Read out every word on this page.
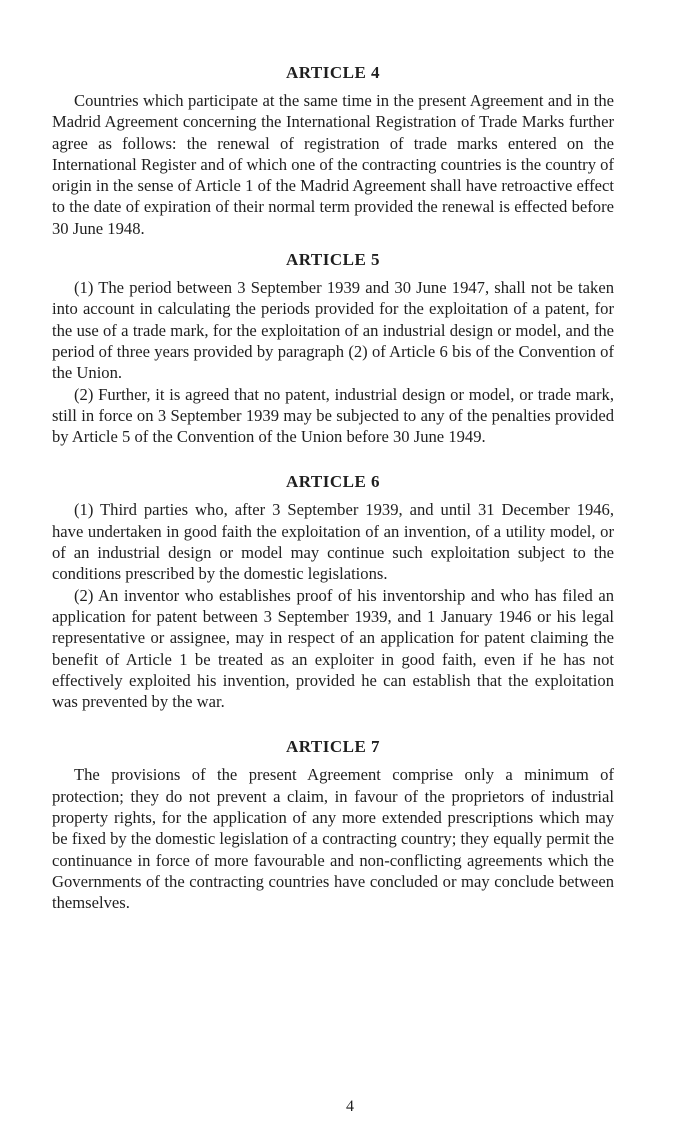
ARTICLE 4

Countries which participate at the same time in the present Agreement and in the Madrid Agreement concerning the International Registration of Trade Marks further agree as follows: the renewal of registration of trade marks entered on the International Register and of which one of the contracting countries is the country of origin in the sense of Article 1 of the Madrid Agreement shall have retroactive effect to the date of expiration of their normal term provided the renewal is effected before 30 June 1948.

ARTICLE 5

(1) The period between 3 September 1939 and 30 June 1947, shall not be taken into account in calculating the periods provided for the exploitation of a patent, for the use of a trade mark, for the exploitation of an industrial design or model, and the period of three years provided by paragraph (2) of Article 6 bis of the Convention of the Union.

(2) Further, it is agreed that no patent, industrial design or model, or trade mark, still in force on 3 September 1939 may be subjected to any of the penalties provided by Article 5 of the Convention of the Union before 30 June 1949.

ARTICLE 6

(1) Third parties who, after 3 September 1939, and until 31 December 1946, have undertaken in good faith the exploitation of an invention, of a utility model, or of an industrial design or model may continue such exploitation subject to the conditions prescribed by the domestic legislations.

(2) An inventor who establishes proof of his inventorship and who has filed an application for patent between 3 September 1939, and 1 January 1946 or his legal representative or assignee, may in respect of an application for patent claiming the benefit of Article 1 be treated as an exploiter in good faith, even if he has not effectively exploited his invention, provided he can establish that the exploitation was prevented by the war.

ARTICLE 7

The provisions of the present Agreement comprise only a minimum of protection; they do not prevent a claim, in favour of the proprietors of industrial property rights, for the application of any more extended prescriptions which may be fixed by the domestic legislation of a contracting country; they equally permit the continuance in force of more favourable and non-conflicting agreements which the Governments of the contracting countries have concluded or may conclude between themselves.

4
